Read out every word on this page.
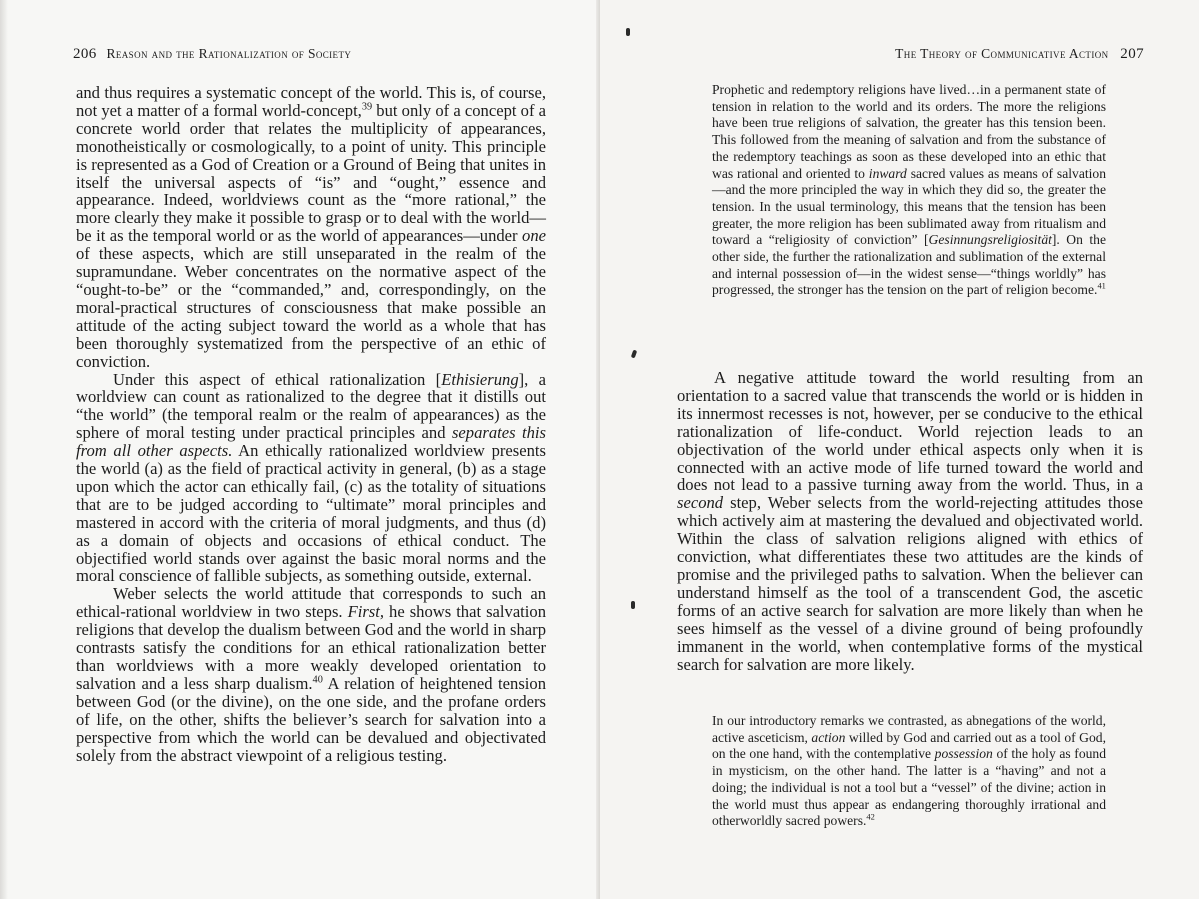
206 Reason and the Rationalization of Society

and thus requires a systematic concept of the world. This is, of course, not yet a matter of a formal world-concept,$^{39}$ but only of a concept of a concrete world order that relates the multiplicity of appearances, monotheistically or cosmologically, to a point of unity. This principle is represented as a God of Creation or a Ground of Being that unites in itself the universal aspects of “is” and “ought,” essence and appearance. Indeed, worldviews count as the “more rational,” the more clearly they make it possible to grasp or to deal with the world—be it as the temporal world or as the world of appearances—under one of these aspects, which are still unseparated in the realm of the supramundane. Weber concentrates on the normative aspect of the “ought-to-be” or the “commanded,” and, correspondingly, on the moral-practical structures of consciousness that make possible an attitude of the acting subject toward the world as a whole that has been thoroughly systematized from the perspective of an ethic of conviction.

Under this aspect of ethical rationalization [Ethisierung], a worldview can count as rationalized to the degree that it distills out “the world” (the temporal realm or the realm of appearances) as the sphere of moral testing under practical principles and separates this from all other aspects. An ethically rationalized worldview presents the world (a) as the field of practical activity in general, (b) as a stage upon which the actor can ethically fail, (c) as the totality of situations that are to be judged according to “ultimate” moral principles and mastered in accord with the criteria of moral judgments, and thus (d) as a domain of objects and occasions of ethical conduct. The objectified world stands over against the basic moral norms and the moral conscience of fallible subjects, as something outside, external.

Weber selects the world attitude that corresponds to such an ethical-rational worldview in two steps. First, he shows that salvation religions that develop the dualism between God and the world in sharp contrasts satisfy the conditions for an ethical rationalization better than worldviews with a more weakly developed orientation to salvation and a less sharp dualism.$^{40}$ A relation of heightened tension between God (or the divine), on the one side, and the profane orders of life, on the other, shifts the believer’s search for salvation into a perspective from which the world can be devalued and objectivated solely from the abstract viewpoint of a religious testing.

The Theory of Communicative Action 207

Prophetic and redemptory religions have lived…in a permanent state of tension in relation to the world and its orders. The more the religions have been true religions of salvation, the greater has this tension been. This followed from the meaning of salvation and from the substance of the redemptory teachings as soon as these developed into an ethic that was rational and oriented to inward sacred values as means of salvation—and the more principled the way in which they did so, the greater the tension. In the usual terminology, this means that the tension has been greater, the more religion has been sublimated away from ritualism and toward a “religiosity of conviction” [Gesinnungsreligiosität]. On the other side, the further the rationalization and sublimation of the external and internal possession of—in the widest sense—“things worldly” has progressed, the stronger has the tension on the part of religion become.$^{41}$

A negative attitude toward the world resulting from an orientation to a sacred value that transcends the world or is hidden in its innermost recesses is not, however, per se conducive to the ethical rationalization of life-conduct. World rejection leads to an objectivation of the world under ethical aspects only when it is connected with an active mode of life turned toward the world and does not lead to a passive turning away from the world. Thus, in a second step, Weber selects from the world-rejecting attitudes those which actively aim at mastering the devalued and objectivated world. Within the class of salvation religions aligned with ethics of conviction, what differentiates these two attitudes are the kinds of promise and the privileged paths to salvation. When the believer can understand himself as the tool of a transcendent God, the ascetic forms of an active search for salvation are more likely than when he sees himself as the vessel of a divine ground of being profoundly immanent in the world, when contemplative forms of the mystical search for salvation are more likely.

In our introductory remarks we contrasted, as abnegations of the world, active asceticism, action willed by God and carried out as a tool of God, on the one hand, with the contemplative possession of the holy as found in mysticism, on the other hand. The latter is a “having” and not a doing; the individual is not a tool but a “vessel” of the divine; action in the world must thus appear as endangering thoroughly irrational and otherworldly sacred powers.$^{42}$
